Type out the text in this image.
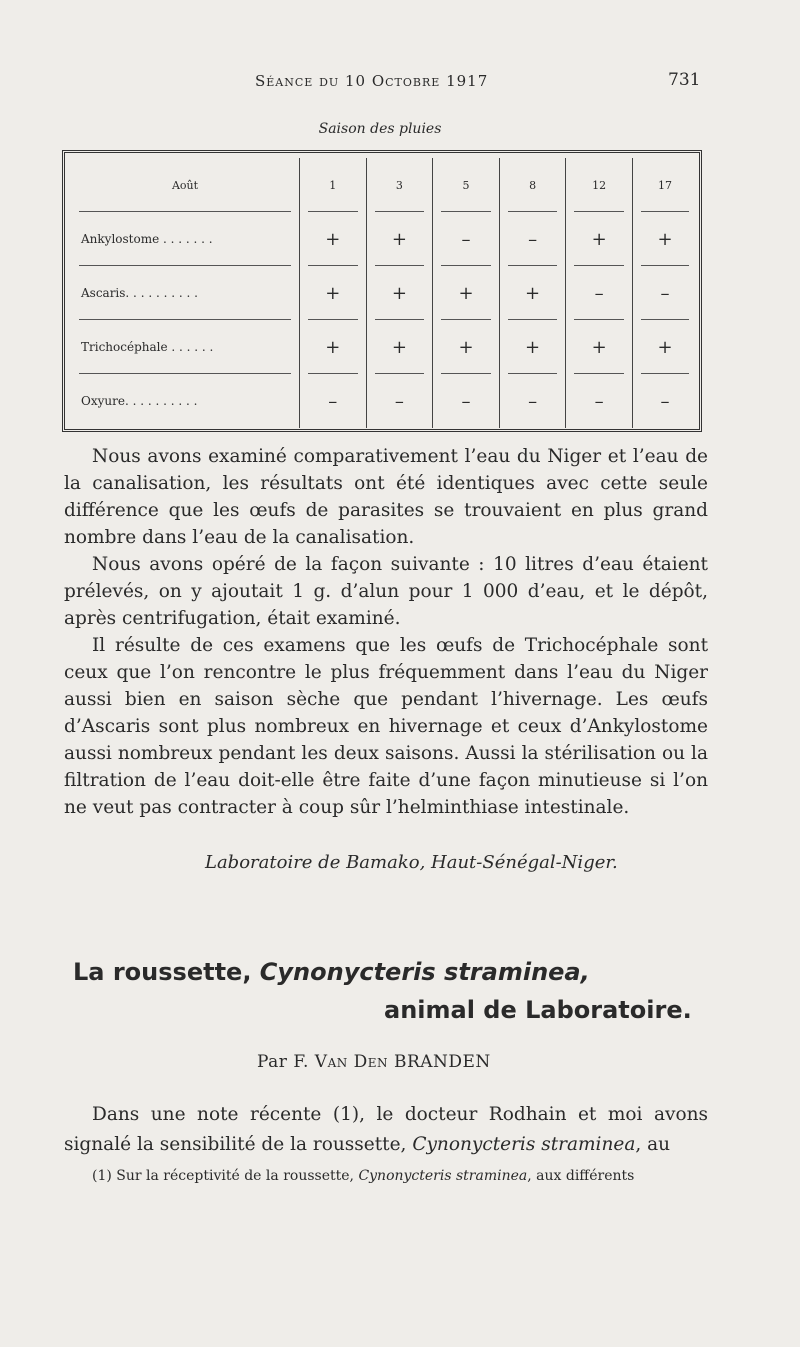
Séance du 10 Octobre 1917	731
Saison des pluies
Août	1	3	5	8	12	17
Ankylostome . . . . . . .	+	+	–	–	+	+
Ascaris. . . . . . . . . .	+	+	+	+	–	–
Trichocéphale . . . . . .	+	+	+	+	+	+
Oxyure. . . . . . . . . .	–	–	–	–	–	–

Nous avons examiné comparativement l’eau du Niger et l’eau de la canalisation, les résultats ont été identiques avec cette seule différence que les œufs de parasites se trouvaient en plus grand nombre dans l’eau de la canalisation.

Nous avons opéré de la façon suivante : 10 litres d’eau étaient prélevés, on y ajoutait 1 g. d’alun pour 1 000 d’eau, et le dépôt, après centrifugation, était examiné.

Il résulte de ces examens que les œufs de Trichocéphale sont ceux que l’on rencontre le plus fréquemment dans l’eau du Niger aussi bien en saison sèche que pendant l’hivernage. Les œufs d’Ascaris sont plus nombreux en hivernage et ceux d’Ankylostome aussi nombreux pendant les deux saisons. Aussi la stérilisation ou la filtration de l’eau doit-elle être faite d’une façon minutieuse si l’on ne veut pas contracter à coup sûr l’helminthiase intestinale.

Laboratoire de Bamako, Haut-Sénégal-Niger.
La roussette, Cynonycteris straminea,
animal de Laboratoire.
Par F. Van Den BRANDEN

Dans une note récente (1), le docteur Rodhain et moi avons signalé la sensibilité de la roussette, Cynonycteris straminea, au

(1) Sur la réceptivité de la roussette, Cynonycteris straminea, aux différents
